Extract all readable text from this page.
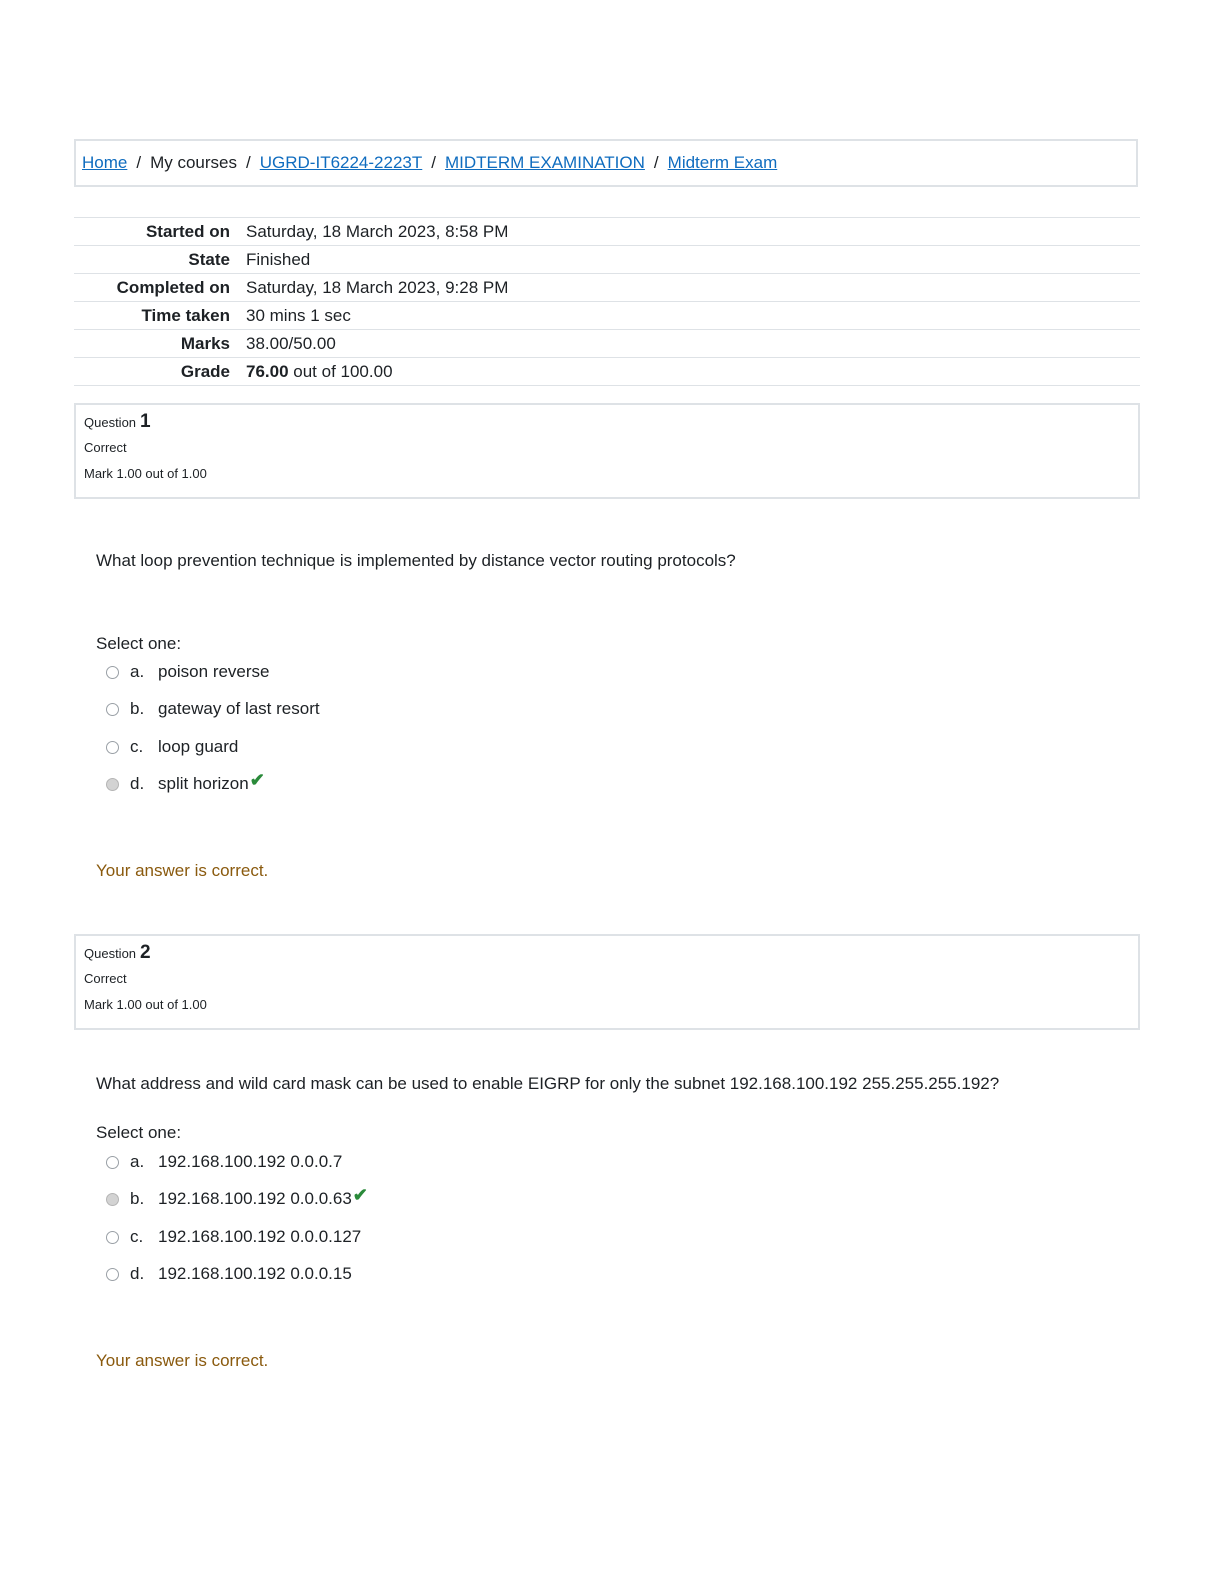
Home / My courses / UGRD-IT6224-2223T / MIDTERM EXAMINATION / Midterm Exam
Started on	Saturday, 18 March 2023, 8:58 PM
State	Finished
Completed on	Saturday, 18 March 2023, 9:28 PM
Time taken	30 mins 1 sec
Marks	38.00/50.00
Grade	76.00 out of 100.00
Question 1
Correct
Mark 1.00 out of 1.00
What loop prevention technique is implemented by distance vector routing protocols?
Select one:
a. poison reverse
b. gateway of last resort
c. loop guard
d. split horizon ✔
Your answer is correct.
Question 2
Correct
Mark 1.00 out of 1.00
What address and wild card mask can be used to enable EIGRP for only the subnet 192.168.100.192 255.255.255.192?
Select one:
a. 192.168.100.192 0.0.0.7
b. 192.168.100.192 0.0.0.63 ✔
c. 192.168.100.192 0.0.0.127
d. 192.168.100.192 0.0.0.15
Your answer is correct.
